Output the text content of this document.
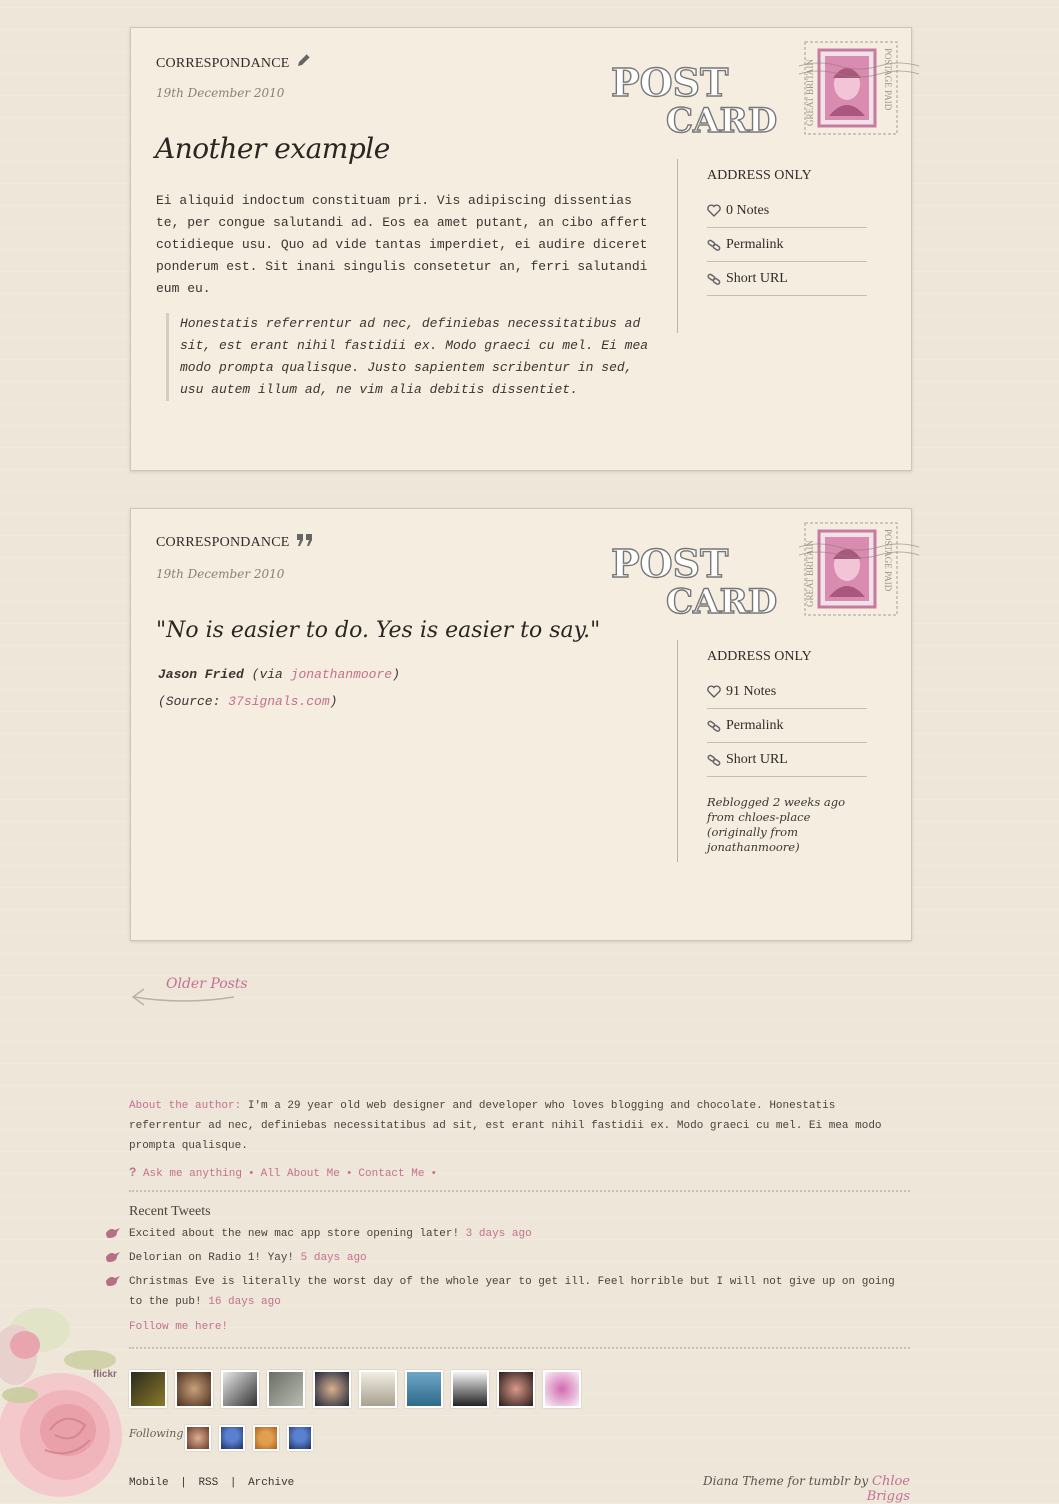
CORRESPONDANCE
19th December 2010
Another example
Ei aliquid indoctum constituam pri. Vis adipiscing dissentias te, per congue salutandi ad. Eos ea amet putant, an cibo affert cotidieque usu. Quo ad vide tantas imperdiet, ei audire diceret ponderum est. Sit inani singulis consetetur an, ferri salutandi eum eu.
Honestatis referrentur ad nec, definiebas necessitatibus ad sit, est erant nihil fastidii ex. Modo graeci cu mel. Ei mea modo prompta qualisque. Justo sapientem scribentur in sed, usu autem illum ad, ne vim alia debitis dissentiet.
POST
CARD	GREAT BRITAIN	POSTAGE PAID
ADDRESS ONLY
0 Notes
Permalink
Short URL
CORRESPONDANCE
19th December 2010
"No is easier to do. Yes is easier to say."
Jason Fried (via jonathanmoore)
(Source: 37signals.com)
POST
CARD	GREAT BRITAIN	POSTAGE PAID
ADDRESS ONLY
91 Notes
Permalink
Short URL
Reblogged 2 weeks ago from chloes-place (originally from jonathanmoore)
Older Posts
About the author: I'm a 29 year old web designer and developer who loves blogging and chocolate. Honestatis referrentur ad nec, definiebas necessitatibus ad sit, est erant nihil fastidii ex. Modo graeci cu mel. Ei mea modo prompta qualisque.
? Ask me anything • All About Me • Contact Me •
Recent Tweets
Excited about the new mac app store opening later! 3 days ago
Delorian on Radio 1! Yay! 5 days ago
Christmas Eve is literally the worst day of the whole year to get ill. Feel horrible but I will not give up on going to the pub! 16 days ago
Follow me here!
flickr
Following
Mobile | RSS | Archive	Diana Theme for tumblr by Chloe Briggs
